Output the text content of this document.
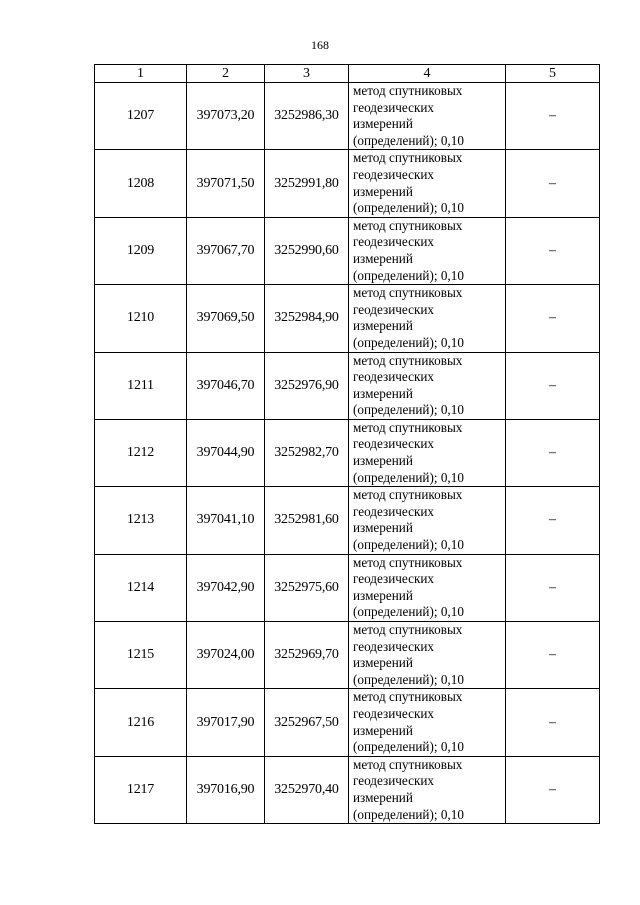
168
1	2	3	4	5
1207	397073,20	3252986,30	метод спутниковых
геодезических
измерений
(определений); 0,10	–
1208	397071,50	3252991,80	метод спутниковых
геодезических
измерений
(определений); 0,10	–
1209	397067,70	3252990,60	метод спутниковых
геодезических
измерений
(определений); 0,10	–
1210	397069,50	3252984,90	метод спутниковых
геодезических
измерений
(определений); 0,10	–
1211	397046,70	3252976,90	метод спутниковых
геодезических
измерений
(определений); 0,10	–
1212	397044,90	3252982,70	метод спутниковых
геодезических
измерений
(определений); 0,10	–
1213	397041,10	3252981,60	метод спутниковых
геодезических
измерений
(определений); 0,10	–
1214	397042,90	3252975,60	метод спутниковых
геодезических
измерений
(определений); 0,10	–
1215	397024,00	3252969,70	метод спутниковых
геодезических
измерений
(определений); 0,10	–
1216	397017,90	3252967,50	метод спутниковых
геодезических
измерений
(определений); 0,10	–
1217	397016,90	3252970,40	метод спутниковых
геодезических
измерений
(определений); 0,10	–
